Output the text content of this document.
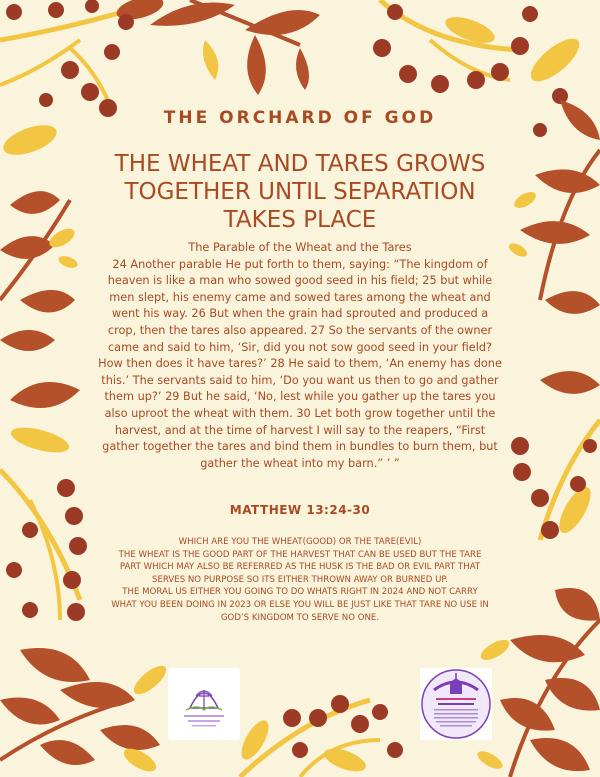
THE ORCHARD OF GOD
THE WHEAT AND TARES GROWS
TOGETHER UNTIL SEPARATION
TAKES PLACE
The Parable of the Wheat and the Tares
24 Another parable He put forth to them, saying: “The kingdom of heaven is like a man who sowed good seed in his field; 25 but while men slept, his enemy came and sowed tares among the wheat and went his way. 26 But when the grain had sprouted and produced a crop, then the tares also appeared. 27 So the servants of the owner came and said to him, ‘Sir, did you not sow good seed in your field? How then does it have tares?’ 28 He said to them, ‘An enemy has done this.’ The servants said to him, ‘Do you want us then to go and gather them up?’ 29 But he said, ‘No, lest while you gather up the tares you also uproot the wheat with them. 30 Let both grow together until the harvest, and at the time of harvest I will say to the reapers, “First gather together the tares and bind them in bundles to burn them, but gather the wheat into my barn.” ’ ”
MATTHEW 13:24-30

WHICH ARE YOU THE WHEAT(GOOD) OR THE TARE(EVIL)

THE WHEAT IS THE GOOD PART OF THE HARVEST THAT CAN BE USED BUT THE TARE PART WHICH MAY ALSO BE REFERRED AS THE HUSK IS THE BAD OR EVIL PART THAT SERVES NO PURPOSE SO ITS EITHER THROWN AWAY OR BURNED UP.

THE MORAL US EITHER YOU GOING TO DO WHATS RIGHT IN 2024 AND NOT CARRY WHAT YOU BEEN DOING IN 2023 OR ELSE YOU WILL BE JUST LIKE THAT TARE NO USE IN GOD’S KINGDOM TO SERVE NO ONE.
